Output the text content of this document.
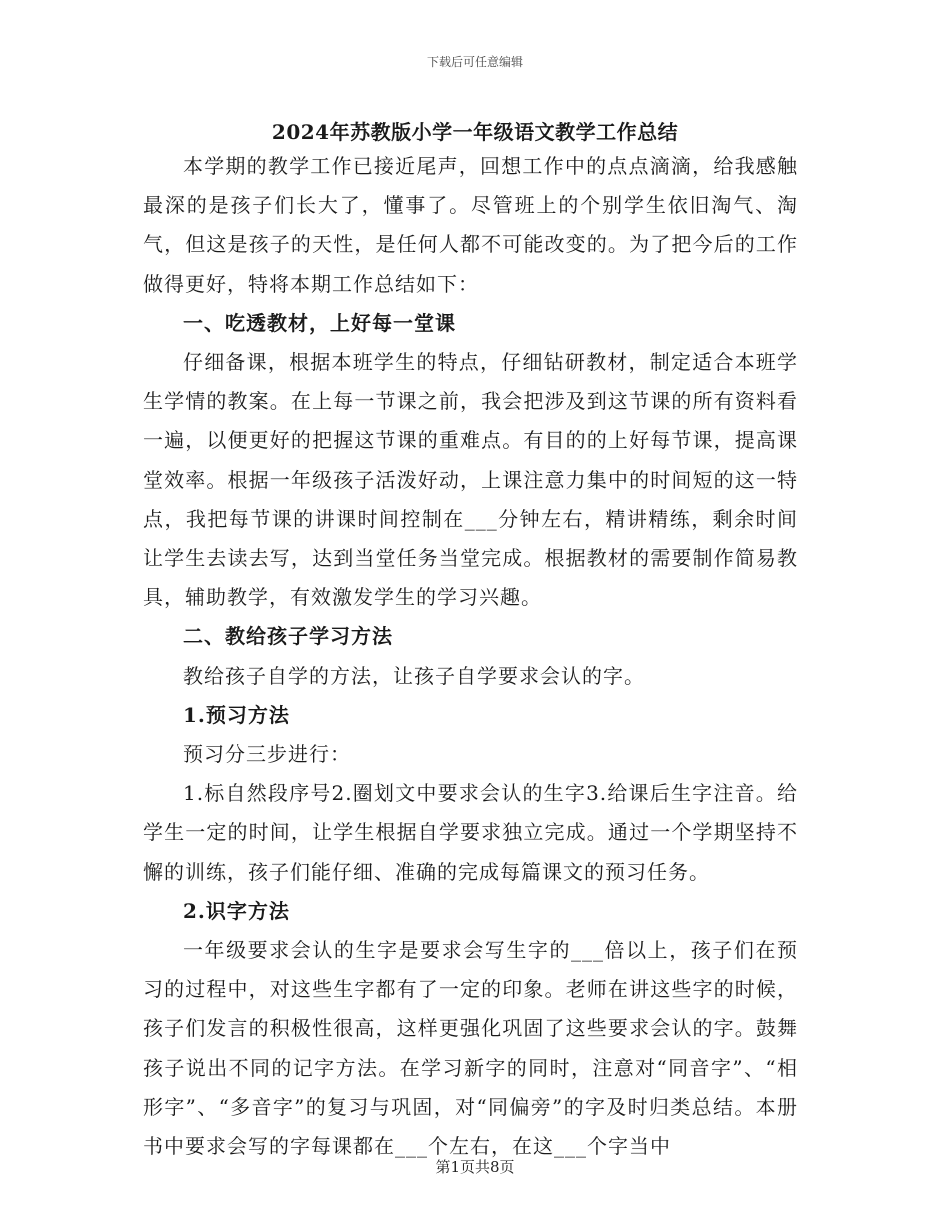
下载后可任意编辑
2024年苏教版小学一年级语文教学工作总结

本学期的教学工作已接近尾声，回想工作中的点点滴滴，给我感触最深的是孩子们长大了，懂事了。尽管班上的个别学生依旧淘气、淘气，但这是孩子的天性，是任何人都不可能改变的。为了把今后的工作做得更好，特将本期工作总结如下：

一、吃透教材，上好每一堂课

仔细备课，根据本班学生的特点，仔细钻研教材，制定适合本班学生学情的教案。在上每一节课之前，我会把涉及到这节课的所有资料看一遍，以便更好的把握这节课的重难点。有目的的上好每节课，提高课堂效率。根据一年级孩子活泼好动，上课注意力集中的时间短的这一特点，我把每节课的讲课时间控制在___分钟左右，精讲精练，剩余时间让学生去读去写，达到当堂任务当堂完成。根据教材的需要制作简易教具，辅助教学，有效激发学生的学习兴趣。

二、教给孩子学习方法

教给孩子自学的方法，让孩子自学要求会认的字。

1.预习方法

预习分三步进行：

1.标自然段序号2.圈划文中要求会认的生字3.给课后生字注音。给学生一定的时间，让学生根据自学要求独立完成。通过一个学期坚持不懈的训练，孩子们能仔细、准确的完成每篇课文的预习任务。

2.识字方法

一年级要求会认的生字是要求会写生字的___倍以上，孩子们在预习的过程中，对这些生字都有了一定的印象。老师在讲这些字的时候，孩子们发言的积极性很高，这样更强化巩固了这些要求会认的字。鼓舞孩子说出不同的记字方法。在学习新字的同时，注意对“同音字”、“相形字”、“多音字”的复习与巩固，对“同偏旁”的字及时归类总结。本册书中要求会写的字每课都在___个左右，在这___个字当中

第1页共8页
